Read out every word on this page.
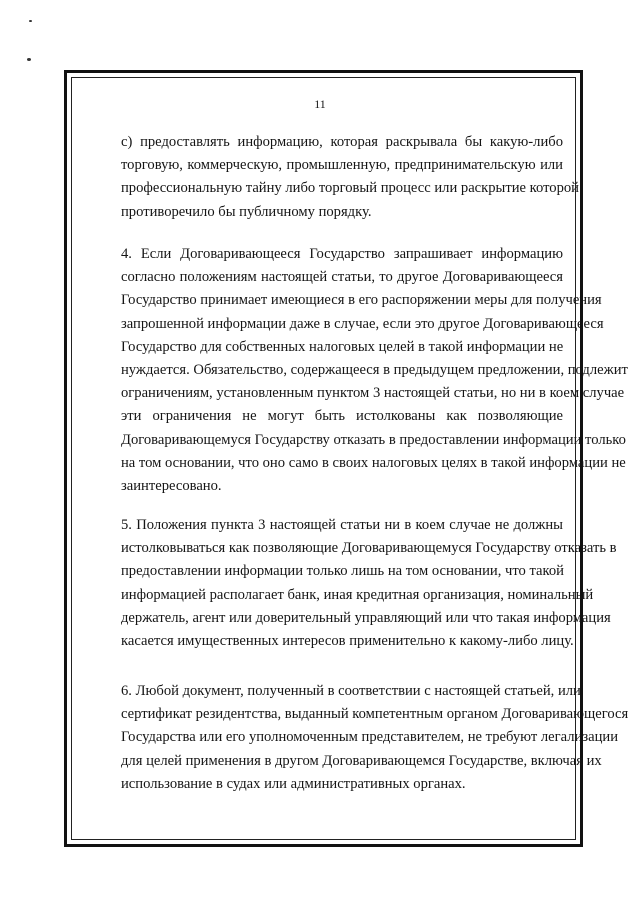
11

c) предоставлять информацию, которая раскрывала бы какую-либо
торговую, коммерческую, промышленную, предпринимательскую или
профессиональную тайну либо торговый процесс или раскрытие которой
противоречило бы публичному порядку.

4. Если Договаривающееся Государство запрашивает информацию
согласно положениям настоящей статьи, то другое Договаривающееся
Государство принимает имеющиеся в его распоряжении меры для получения
запрошенной информации даже в случае, если это другое Договаривающееся
Государство для собственных налоговых целей в такой информации не
нуждается. Обязательство, содержащееся в предыдущем предложении, подлежит
ограничениям, установленным пунктом 3 настоящей статьи, но ни в коем случае
эти ограничения не могут быть истолкованы как позволяющие
Договаривающемуся Государству отказать в предоставлении информации только
на том основании, что оно само в своих налоговых целях в такой информации не
заинтересовано.

5. Положения пункта 3 настоящей статьи ни в коем случае не должны
истолковываться как позволяющие Договаривающемуся Государству отказать в
предоставлении информации только лишь на том основании, что такой
информацией располагает банк, иная кредитная организация, номинальный
держатель, агент или доверительный управляющий или что такая информация
касается имущественных интересов применительно к какому-либо лицу.

6. Любой документ, полученный в соответствии с настоящей статьей, или
сертификат резидентства, выданный компетентным органом Договаривающегося
Государства или его уполномоченным представителем, не требуют легализации
для целей применения в другом Договаривающемся Государстве, включая их
использование в судах или административных органах.
